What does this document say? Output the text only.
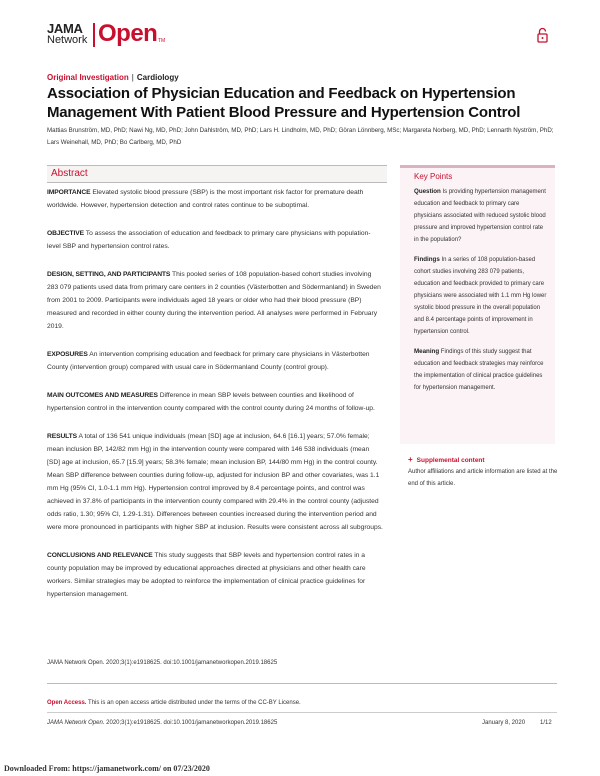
JAMA
Network Open TM
Original Investigation | Cardiology
Association of Physician Education and Feedback on Hypertension Management With Patient Blood Pressure and Hypertension Control
Mattias Brunström, MD, PhD; Nawi Ng, MD, PhD; John Dahlström, MD, PhD; Lars H. Lindholm, MD, PhD; Göran Lönnberg, MSc; Margareta Norberg, MD, PhD; Lennarth Nyström, PhD; Lars Weinehall, MD, PhD; Bo Carlberg, MD, PhD
Abstract

IMPORTANCE Elevated systolic blood pressure (SBP) is the most important risk factor for premature death worldwide. However, hypertension detection and control rates continue to be suboptimal.

OBJECTIVE To assess the association of education and feedback to primary care physicians with population-level SBP and hypertension control rates.

DESIGN, SETTING, AND PARTICIPANTS This pooled series of 108 population-based cohort studies involving 283 079 patients used data from primary care centers in 2 counties (Västerbotten and Södermanland) in Sweden from 2001 to 2009. Participants were individuals aged 18 years or older who had their blood pressure (BP) measured and recorded in either county during the intervention period. All analyses were performed in February 2019.

EXPOSURES An intervention comprising education and feedback for primary care physicians in Västerbotten County (intervention group) compared with usual care in Södermanland County (control group).

MAIN OUTCOMES AND MEASURES Difference in mean SBP levels between counties and likelihood of hypertension control in the intervention county compared with the control county during 24 months of follow-up.

RESULTS A total of 136 541 unique individuals (mean [SD] age at inclusion, 64.6 [16.1] years; 57.0% female; mean inclusion BP, 142/82 mm Hg) in the intervention county were compared with 146 538 individuals (mean [SD] age at inclusion, 65.7 [15.9] years; 58.3% female; mean inclusion BP, 144/80 mm Hg) in the control county. Mean SBP difference between counties during follow-up, adjusted for inclusion BP and other covariates, was 1.1 mm Hg (95% CI, 1.0-1.1 mm Hg). Hypertension control improved by 8.4 percentage points, and control was achieved in 37.8% of participants in the intervention county compared with 29.4% in the control county (adjusted odds ratio, 1.30; 95% CI, 1.29-1.31). Differences between counties increased during the intervention period and were more pronounced in participants with higher SBP at inclusion. Results were consistent across all subgroups.

CONCLUSIONS AND RELEVANCE This study suggests that SBP levels and hypertension control rates in a county population may be improved by educational approaches directed at physicians and other health care workers. Similar strategies may be adopted to reinforce the implementation of clinical practice guidelines for hypertension management.

Key Points

Question Is providing hypertension management education and feedback to primary care physicians associated with reduced systolic blood pressure and improved hypertension control rate in the population?

Findings In a series of 108 population-based cohort studies involving 283 079 patients, education and feedback provided to primary care physicians were associated with 1.1 mm Hg lower systolic blood pressure in the overall population and 8.4 percentage points of improvement in hypertension control.

Meaning Findings of this study suggest that education and feedback strategies may reinforce the implementation of clinical practice guidelines for hypertension management.

+ Supplemental content
Author affiliations and article information are listed at the end of this article.
JAMA Network Open. 2020;3(1):e1918625. doi:10.1001/jamanetworkopen.2019.18625
Open Access. This is an open access article distributed under the terms of the CC-BY License.
JAMA Network Open. 2020;3(1):e1918625. doi:10.1001/jamanetworkopen.2019.18625	January 8, 2020 1/12
Downloaded From: https://jamanetwork.com/ on 07/23/2020
